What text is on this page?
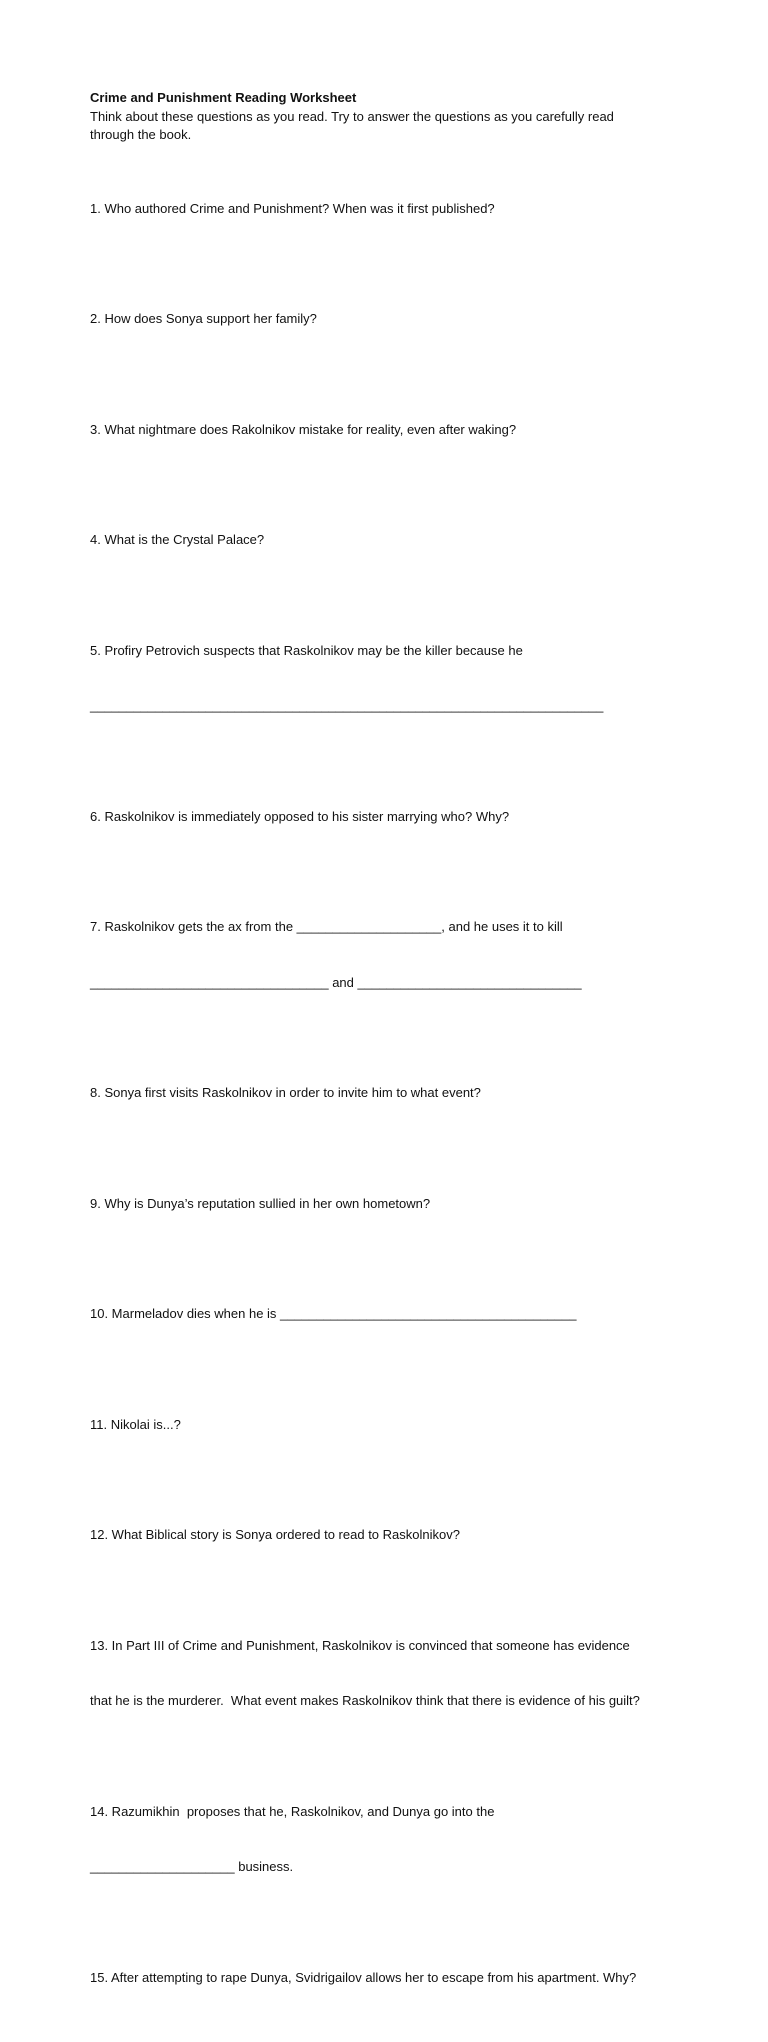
Crime and Punishment Reading Worksheet

Think about these questions as you read. Try to answer the questions as you carefully read
through the book.

1. Who authored Crime and Punishment? When was it first published?

2. How does Sonya support her family?

3. What nightmare does Rakolnikov mistake for reality, even after waking?

4. What is the Crystal Palace?

5. Profiry Petrovich suspects that Raskolnikov may be the killer because he

_______________________________________________________________________

6. Raskolnikov is immediately opposed to his sister marrying who? Why?

7. Raskolnikov gets the ax from the ____________________, and he uses it to kill

_________________________________ and _______________________________

8. Sonya first visits Raskolnikov in order to invite him to what event?

9. Why is Dunya’s reputation sullied in her own hometown?

10. Marmeladov dies when he is _________________________________________

11. Nikolai is...?

12. What Biblical story is Sonya ordered to read to Raskolnikov?

13. In Part III of Crime and Punishment, Raskolnikov is convinced that someone has evidence

that he is the murderer.  What event makes Raskolnikov think that there is evidence of his guilt?

14. Razumikhin  proposes that he, Raskolnikov, and Dunya go into the

____________________ business.

15. After attempting to rape Dunya, Svidrigailov allows her to escape from his apartment. Why?
